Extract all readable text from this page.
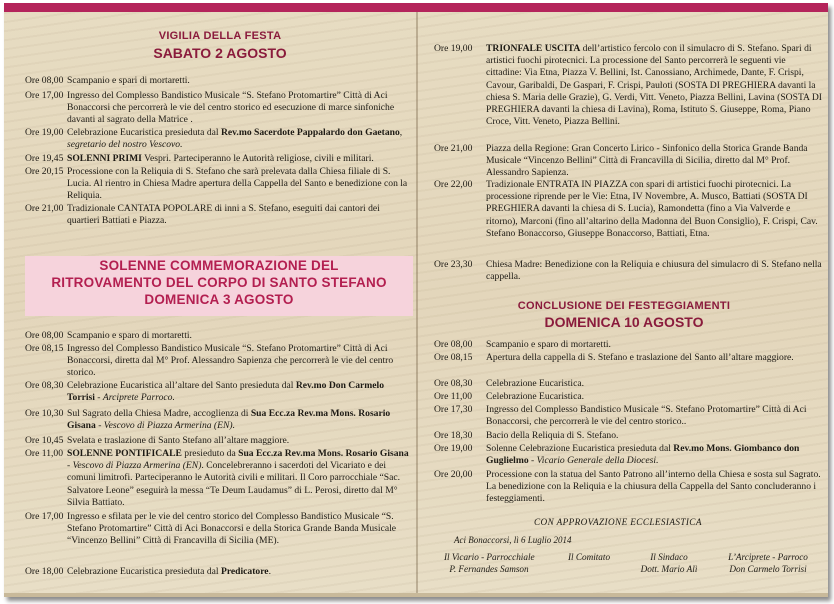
VIGILIA DELLA FESTA
SABATO 2 AGOSTO
Ore 08,00 Scampanio e spari di mortaretti.
Ore 17,00 Ingresso del Complesso Bandistico Musicale “S. Stefano Protomartire” Città di Aci Bonaccorsi che percorrerà le vie del centro storico ed esecuzione di marce sinfoniche davanti al sagrato della Matrice .
Ore 19,00 Celebrazione Eucaristica presieduta dal Rev.mo Sacerdote Pappalardo don Gaetano, segretario del nostro Vescovo.
Ore 19,45 SOLENNI PRIMI Vespri. Parteciperanno le Autorità religiose, civili e militari.
Ore 20,15 Processione con la Reliquia di S. Stefano che sarà prelevata dalla Chiesa filiale di S. Lucia. Al rientro in Chiesa Madre apertura della Cappella del Santo e benedizione con la Reliquia.
Ore 21,00 Tradizionale CANTATA POPOLARE di inni a S. Stefano, eseguiti dai cantori dei quartieri Battiati e Piazza.
SOLENNE COMMEMORAZIONE DEL
RITROVAMENTO DEL CORPO DI SANTO STEFANO
DOMENICA 3 AGOSTO
Ore 08,00 Scampanio e sparo di mortaretti.
Ore 08,15 Ingresso del Complesso Bandistico Musicale “S. Stefano Protomartire” Città di Aci Bonaccorsi, diretta dal M° Prof. Alessandro Sapienza che percorrerà le vie del centro storico.
Ore 08,30 Celebrazione Eucaristica all’altare del Santo presieduta dal Rev.mo Don Carmelo Torrisi - Arciprete Parroco.
Ore 10,30 Sul Sagrato della Chiesa Madre, accoglienza di Sua Ecc.za Rev.ma Mons. Rosario Gisana - Vescovo di Piazza Armerina (EN).
Ore 10,45 Svelata e traslazione di Santo Stefano all’altare maggiore.
Ore 11,00 SOLENNE PONTIFICALE presieduto da Sua Ecc.za Rev.ma Mons. Rosario Gisana - Vescovo di Piazza Armerina (EN). Concelebreranno i sacerdoti del Vicariato e dei comuni limitrofi. Parteciperanno le Autorità civili e militari. Il Coro parrocchiale “Sac. Salvatore Leone” eseguirà la messa “Te Deum Laudamus” di L. Perosi, diretto dal M° Silvia Battiato.
Ore 17,00 Ingresso e sfilata per le vie del centro storico del Complesso Bandistico Musicale “S. Stefano Protomartire” Città di Aci Bonaccorsi e della Storica Grande Banda Musicale “Vincenzo Bellini” Città di Francavilla di Sicilia (ME).
Ore 18,00 Celebrazione Eucaristica presieduta dal Predicatore.
Ore 19,00 TRIONFALE USCITA dell’artistico fercolo con il simulacro di S. Stefano. Spari di artistici fuochi pirotecnici. La processione del Santo percorrerà le seguenti vie cittadine: Via Etna, Piazza V. Bellini, Ist. Canossiano, Archimede, Dante, F. Crispi, Cavour, Garibaldi, De Gaspari, F. Crispi, Pauloti (SOSTA DI PREGHIERA davanti la chiesa S. Maria delle Grazie), G. Verdi, Vitt. Veneto, Piazza Bellini, Lavina (SOSTA DI PREGHIERA davanti la chiesa di Lavina), Roma, Istituto S. Giuseppe, Roma, Piano Croce, Vitt. Veneto, Piazza Bellini.
Ore 21,00 Piazza della Regione: Gran Concerto Lirico - Sinfonico della Storica Grande Banda Musicale “Vincenzo Bellini” Città di Francavilla di Sicilia, diretto dal M° Prof. Alessandro Sapienza.
Ore 22,00 Tradizionale ENTRATA IN PIAZZA con spari di artistici fuochi pirotecnici. La processione riprende per le Vie: Etna, IV Novembre, A. Musco, Battiati (SOSTA DI PREGHIERA davanti la chiesa di S. Lucia), Ramondetta (fino a Via Valverde e ritorno), Marconi (fino all’altarino della Madonna del Buon Consiglio), F. Crispi, Cav. Stefano Bonaccorso, Giuseppe Bonaccorso, Battiati, Etna.
Ore 23,30 Chiesa Madre: Benedizione con la Reliquia e chiusura del simulacro di S. Stefano nella cappella.
CONCLUSIONE DEI FESTEGGIAMENTI
DOMENICA 10 AGOSTO
Ore 08,00 Scampanio e sparo di mortaretti.
Ore 08,15 Apertura della cappella di S. Stefano e traslazione del Santo all’altare maggiore.
Ore 08,30 Celebrazione Eucaristica.
Ore 11,00 Celebrazione Eucaristica.
Ore 17,30 Ingresso del Complesso Bandistico Musicale “S. Stefano Protomartire” Città di Aci Bonaccorsi, che percorrerà le vie del centro storico..
Ore 18,30 Bacio della Reliquia di S. Stefano.
Ore 19,00 Solenne Celebrazione Eucaristica presieduta dal Rev.mo Mons. Giombanco don Guglielmo - Vicario Generale della Diocesi.
Ore 20,00 Processione con la statua del Santo Patrono all’interno della Chiesa e sosta sul Sagrato. La benedizione con la Reliquia e la chiusura della Cappella del Santo concluderanno i festeggiamenti.
CON APPROVAZIONE ECCLESIASTICA
Aci Bonaccorsi, lì 6 Luglio 2014
Il Vicario - Parrocchiale
P. Fernandes Samson
Il Comitato	Il Sindaco
Dott. Mario Alì
L’Arciprete - Parroco
Don Carmelo Torrisi
